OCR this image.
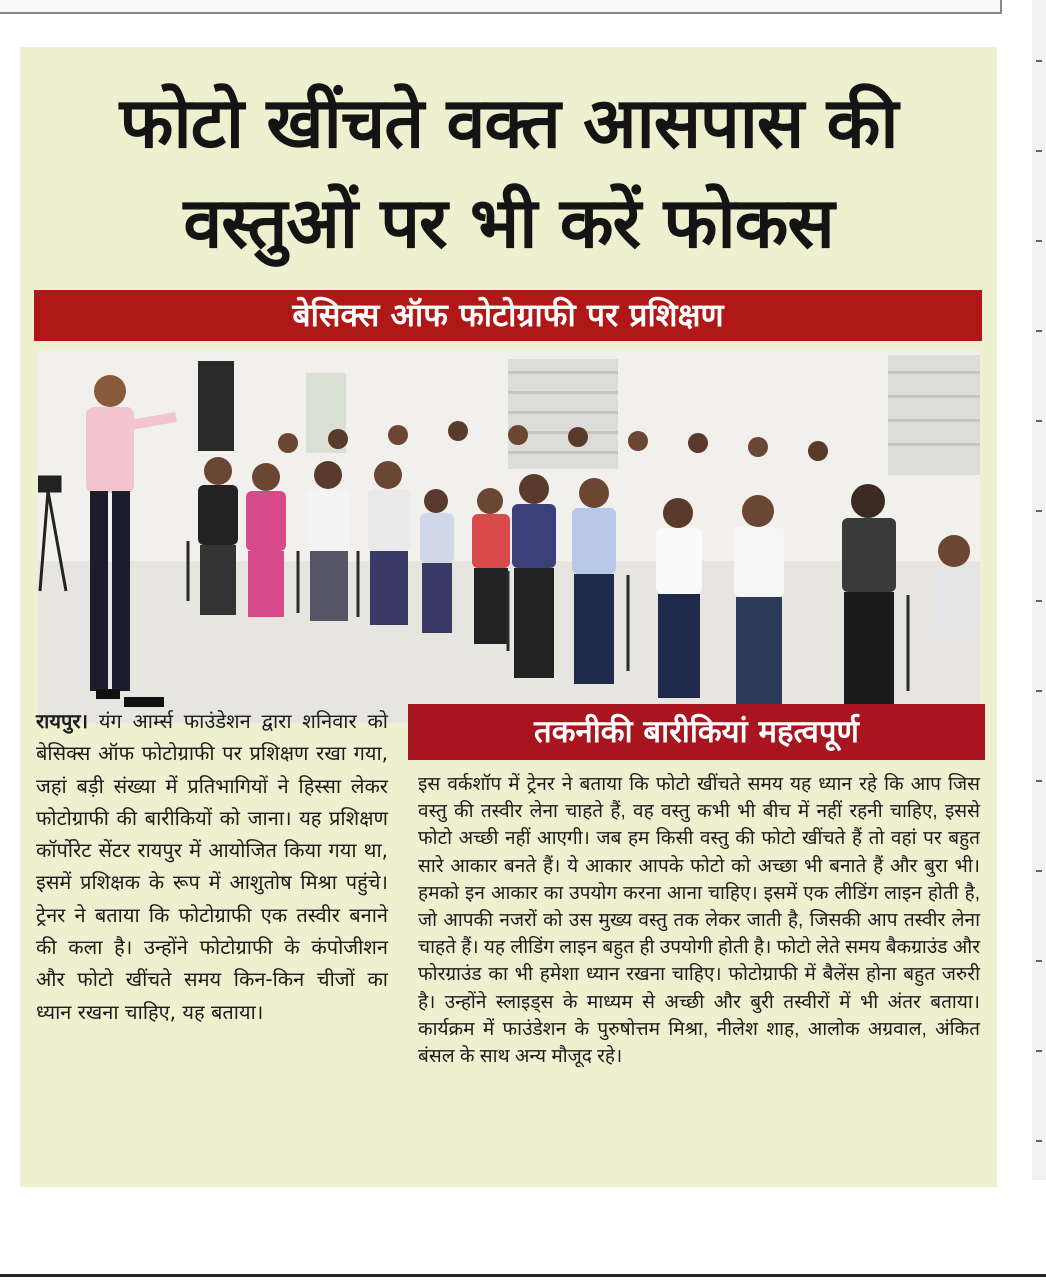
फोटो खींचते वक्त आसपास की
वस्तुओं पर भी करें फोकस
बेसिक्स ऑफ फोटोग्राफी पर प्रशिक्षण

रायपुर। यंग आर्म्स फाउंडेशन द्वारा शनिवार को बेसिक्स ऑफ फोटोग्राफी पर प्रशिक्षण रखा गया, जहां बड़ी संख्या में प्रतिभागियों ने हिस्सा लेकर फोटोग्राफी की बारीकियों को जाना। यह प्रशिक्षण कॉर्पोरेट सेंटर रायपुर में आयोजित किया गया था, इसमें प्रशिक्षक के रूप में आशुतोष मिश्रा पहुंचे। ट्रेनर ने बताया कि फोटोग्राफी एक तस्वीर बनाने की कला है। उन्होंने फोटोग्राफी के कंपोजीशन और फोटो खींचते समय किन-किन चीजों का ध्यान रखना चाहिए, यह बताया।

तकनीकी बारीकियां महत्वपूर्ण

इस वर्कशॉप में ट्रेनर ने बताया कि फोटो खींचते समय यह ध्यान रहे कि आप जिस वस्तु की तस्वीर लेना चाहते हैं, वह वस्तु कभी भी बीच में नहीं रहनी चाहिए, इससे फोटो अच्छी नहीं आएगी। जब हम किसी वस्तु की फोटो खींचते हैं तो वहां पर बहुत सारे आकार बनते हैं। ये आकार आपके फोटो को अच्छा भी बनाते हैं और बुरा भी। हमको इन आकार का उपयोग करना आना चाहिए। इसमें एक लीडिंग लाइन होती है, जो आपकी नजरों को उस मुख्य वस्तु तक लेकर जाती है, जिसकी आप तस्वीर लेना चाहते हैं। यह लीडिंग लाइन बहुत ही उपयोगी होती है। फोटो लेते समय बैकग्राउंड और फोरग्राउंड का भी हमेशा ध्यान रखना चाहिए। फोटोग्राफी में बैलेंस होना बहुत जरुरी है। उन्होंने स्लाइड्स के माध्यम से अच्छी और बुरी तस्वीरों में भी अंतर बताया। कार्यक्रम में फाउंडेशन के पुरुषोत्तम मिश्रा, नीलेश शाह, आलोक अग्रवाल, अंकित बंसल के साथ अन्य मौजूद रहे।
